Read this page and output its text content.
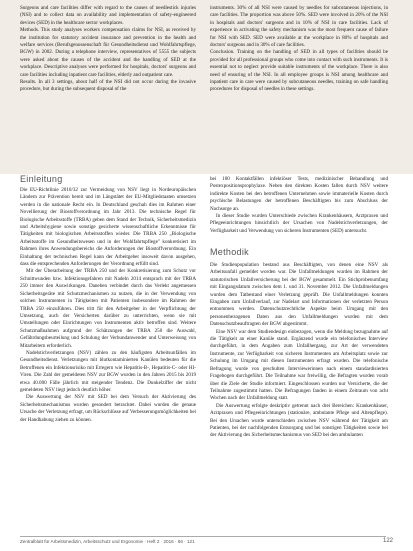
Surgeons and care facilities differ with regard to the causes of needlestick injuries (NSI) and to collect data on availability and implementation of safety-engineered devices (SED) in the healthcare sector workplaces.

Methods. This study analyses workers compensation claims for NSI, as received by the institution for statutory accident insurance and prevention in the health and welfare services (Berufsgenossenschaft für Gesundheitsdienst und Wohlfahrtspflege, BGW) in 2002. During a telephone interview, representatives of 5555 the subjects were asked about the causes of the accident and the handling of SED at the workplace. Descriptive analyses were performed for hospitals, doctors' surgeons and care facilities including inpatient care facilities, elderly and outpatient care.

Results. In all 3 settings, about half of the NSI did not occur during the invasive procedure, but during the subsequent disposal of the

instruments. 30% of all NSI were caused by needles for subcutaneous injections, in care facilities. The proportion was above 50%. SED were involved in 20% of the NSI in hospitals and doctors' surgeons and in 10% of NSI in care facilities. Lack of experience in activating the safety mechanism was the most frequent cause of failure for NSI with SED. SED were available at the workplace in 80% of hospitals and doctors' surgeons and in 30% of care facilities.

Conclusion. Training on the handling of SED in all types of facilities should be provided for all professional groups who come into contact with such instruments. It is essential not to neglect provide suitable instruments of the workplace. There is also need of ensuring of the NSI. In all employee groups is NSI among healthcare and inpatient care in care were caused by subcutaneous needles, training on safe handling procedures for disposal of needles in these settings.

Einleitung

Die EU-Richtlinie 2010/32 zur Vermeidung von NSV liegt in Nordeuropäischen Ländern zur Prävention bereit und im Längstätet der EU-Mitgliedstaaten umsetzen werden in die nationale Recht ein. In Deutschland geschah dies im Rahmen einer Novellierung der Biostoffverordnung im Jahr 2013. Die technische Regel für Biologische Arbeitsstoffe (TRBA) geben dem Stand der Technik, Sicherheitsmedizin und Arbeitshygiene sowie sonstige gesicherte wissenschaftliche Erkenntnisse für Tätigkeiten mit biologischen Arbeitsstoffen wieder. Die TRBA 250 „Biologische Arbeitsstoffe im Gesundheitswesen und in der Wohlfahrtspflege" konkretisiert im Rahmen ihres Anwendungsbereichs die Anforderungen der Biostoffverordnung. Ein Einhaltung der technischen Regel kann der Arbeitgeber insoweit davon ausgehen, dass die entsprechenden Anforderungen der Verordnung erfüllt sind.

Mit der Überarbeitung der TRBA 250 und der Konkretisierung zum Schutz vor Schnittwunden bzw. Infektionsgefahren mit Nadeln 2014 entsprach mit der TRBA 250 immer den Auswirkungen. Daneben verbindet durch das Verlekt angemessen Sicherheitsgeräte mit Schutzmechanismen zu nutzen, die in der Verwendung von solchen Instrumenten in Tätigkeiten mit Patienten insbesondere im Rahmen der TRBA 250 einzuführen. Dies tritt für den Arbeitgeber in der Verpflichtung der Umsetzung, auch der Versicherten darüber zu unterrichten, wenn sie mit Umstellungen oder Einrichtungen von Instrumenten aktiv betroffen sind. Weitere Schutzmaßnahmen aufgrund der Schätzungen der TRBA 250 die Auswahl, Gefährdungsbeurteilung und Schulung der Verbundanwender und Unterweisung von Mitarbeitern erforderlich.

Nadelstichverletzungen (NSV) zählen zu den häufigsten Arbeitsunfällen im Gesundheitsdienst. Verletzungen mit blutkontaminierten Kanülen bedeuten für die Betroffenen ein Infektionsrisiko mit Erregern wie Hepatitis-B-, Hepatitis-C- oder HI-Viren. Die Zahl der gemeldeten NSV zur BGW wurden in den Jahren 2015 bis 2019 etwa 40.000 Fälle jährlich mit steigender Tendenz. Die Dunkelziffer der nicht gemeldeten NSV liegt jedoch deutlich höher.

Die Auswertung der NSV mit SED bei dem Versuch der Aktivierung des Sicherheitsmechanismus wurden gesondert betrachtet. Dabei wurden die genaue Ursache der Verletzung erfragt, um Rückschlüsse auf Verbesserungsmöglichkeiten bei der Handhabung ziehen zu können.

bei 100 Kontaktfällen infektiöser Tests, medizinischer Behandlung und Postexpositionsprophylaxe. Neben den direkten Kosten fallen durch NSV weitere indirekte Kosten bei den betroffenen Unternehmen sowie immaterielle Kosten durch psychische Belastungen der betroffenen Beschäftigten bis zum Abschluss der Nachsorge an.

In dieser Studie wurden Unterschiede zwischen Krankenhäusern, Arztpraxen und Pflegeeinrichtungen hinsichtlich der Ursachen von Nadelstichverletzungen, der Verfügbarkeit und Verwendung von sicheren Instrumenten (SED) untersucht.

Methodik

Die Studienpopulation bestand aus Beschäftigten, von denen eine NSV als Arbeitsunfall gemeldet worden war. Die Unfallmeldungen wurden im Rahmen der statutorischen Unfallversicherung bei der BGW gesammelt. Ein Stichprobenumfang mit Eingangsdatum zwischen dem 1. und 31. November 2012. Die Unfallmeldungen wurden dem Tatbestand einer Verletzung geprüft. Die Unfallmeldungen konnten Eingaben zum Unfallverlauf, zur Nadelart und Informationen der verletzten Person entnommen werden. Datenschutzrechtliche Aspekte beim Umgang mit den personenbezogenen Daten aus den Unfallmeldungen wurden mit dem Datenschutzbeauftragten der BGW abgestimmt.

Eine NSV war dem Studiendesign einbezogen, wenn die Meldung bezugnahme auf die Tätigkeit an einer Kanüle stand. Ergänzend wurde ein telefonisches Interview durchgeführt, in dem Angaben zum Unfallhergang, zur Art der verwendeten Instrumente, zur Verfügbarkeit von sicheren Instrumenten am Arbeitsplatz sowie zur Schulung im Umgang mit diesen Instrumenten erfragt wurden. Die telefonische Befragung wurde von geschulten Interviewerinnen nach einem standardisierten Fragebogen durchgeführt. Die Teilnahme war freiwillig, die Befragten wurden vorab über die Ziele der Studie informiert. Eingeschlossen wurden nur Versicherte, die der Teilnahme zugestimmt hatten. Die Befragungen fanden in einem Zeitraum von acht Wochen nach der Unfallmeldung statt.

Die Auswertung erfolgte deskriptiv getrennt nach drei Bereichen: Krankenhäuser, Arztpraxen und Pflegeeinrichtungen (stationäre, ambulante Pflege und Altenpflege). Bei den Ursachen wurde unterschieden zwischen NSV während der Tätigkeit am Patienten, bei der nachfolgenden Entsorgung und bei sonstigen Tätigkeiten sowie bei der Aktivierung des Sicherheitsmechanismus von SED bei den ambulanten

Zentralblatt für Arbeitsmedizin, Arbeitsschutz und Ergonomie · Heft 2 · 2016 · 66 · 121	122
